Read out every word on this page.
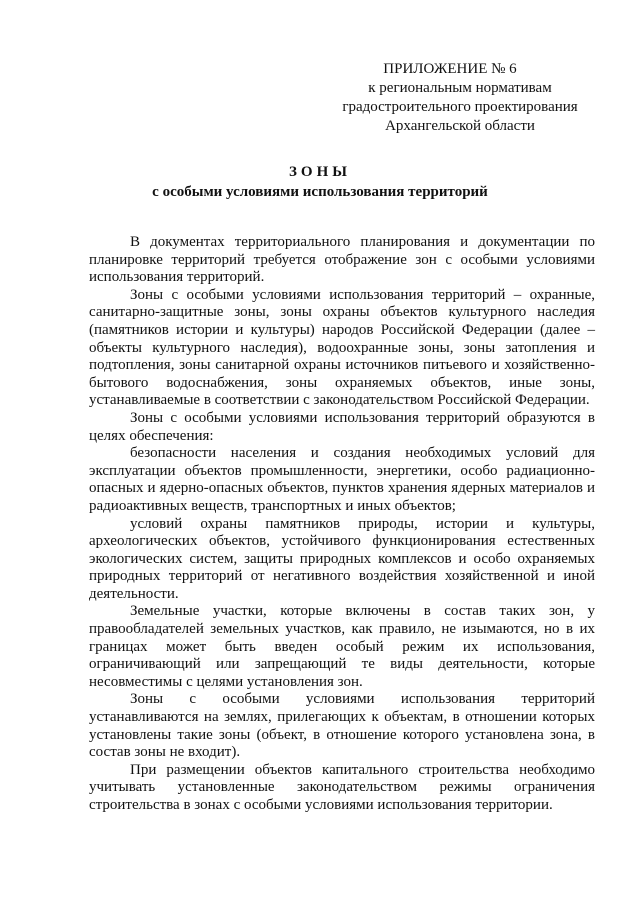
ПРИЛОЖЕНИЕ № 6
к региональным нормативам
градостроительного проектирования
Архангельской области
ЗОНЫ
с особыми условиями использования территорий

В документах территориального планирования и документации по планировке территорий требуется отображение зон с особыми условиями использования территорий.

Зоны с особыми условиями использования территорий – охранные, санитарно-защитные зоны, зоны охраны объектов культурного наследия (памятников истории и культуры) народов Российской Федерации (далее – объекты культурного наследия), водоохранные зоны, зоны затопления и подтопления, зоны санитарной охраны источников питьевого и хозяйственно-бытового водоснабжения, зоны охраняемых объектов, иные зоны, устанавливаемые в соответствии с законодательством Российской Федерации.

Зоны с особыми условиями использования территорий образуются в целях обеспечения:

безопасности населения и создания необходимых условий для эксплуатации объектов промышленности, энергетики, особо радиационно-опасных и ядерно-опасных объектов, пунктов хранения ядерных материалов и радиоактивных веществ, транспортных и иных объектов;

условий охраны памятников природы, истории и культуры, археологических объектов, устойчивого функционирования естественных экологических систем, защиты природных комплексов и особо охраняемых природных территорий от негативного воздействия хозяйственной и иной деятельности.

Земельные участки, которые включены в состав таких зон, у правообладателей земельных участков, как правило, не изымаются, но в их границах может быть введен особый режим их использования, ограничивающий или запрещающий те виды деятельности, которые несовместимы с целями установления зон.

Зоны с особыми условиями использования территорий устанавливаются на землях, прилегающих к объектам, в отношении которых установлены такие зоны (объект, в отношение которого установлена зона, в состав зоны не входит).

При размещении объектов капитального строительства необходимо учитывать установленные законодательством режимы ограничения строительства в зонах с особыми условиями использования территории.
